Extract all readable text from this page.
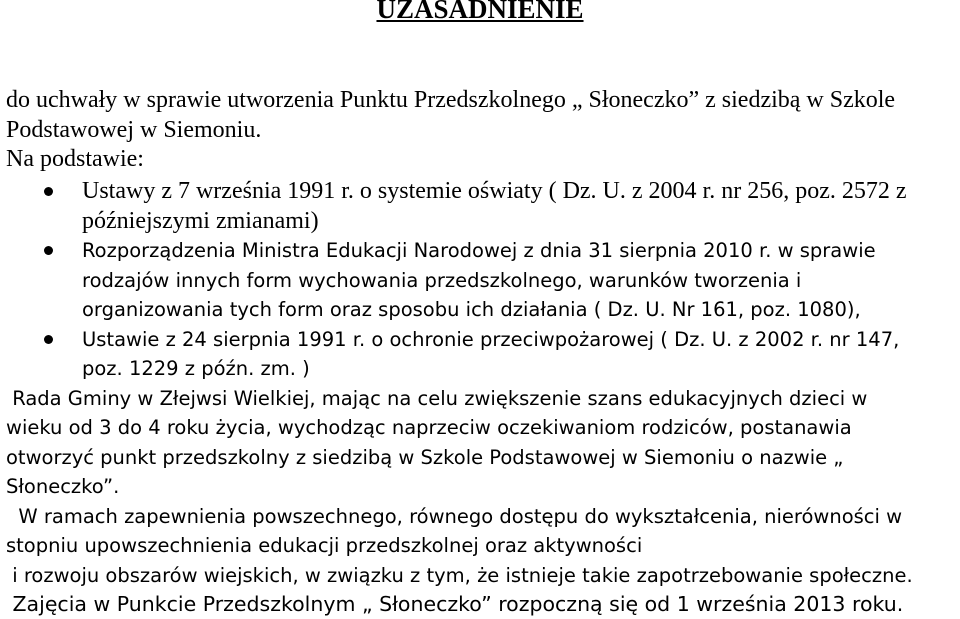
UZASADNIENIE
do uchwały w sprawie utworzenia Punktu Przedszkolnego „ Słoneczko” z siedzibą w Szkole
Podstawowej w Siemoniu.
Na podstawie:
Ustawy z 7 września 1991 r. o systemie oświaty ( Dz. U. z 2004 r. nr 256, poz. 2572 z
późniejszymi zmianami)
Rozporządzenia Ministra Edukacji Narodowej z dnia 31 sierpnia 2010 r. w sprawie
rodzajów innych form wychowania przedszkolnego, warunków tworzenia i
organizowania tych form oraz sposobu ich działania ( Dz. U. Nr 161, poz. 1080),
Ustawie z 24 sierpnia 1991 r. o ochronie przeciwpożarowej ( Dz. U. z 2002 r. nr 147,
poz. 1229 z późn. zm. )
Rada Gminy w Złejwsi Wielkiej, mając na celu zwiększenie szans edukacyjnych dzieci w
wieku od 3 do 4 roku życia, wychodząc naprzeciw oczekiwaniom rodziców, postanawia
otworzyć punkt przedszkolny z siedzibą w Szkole Podstawowej w Siemoniu o nazwie „
Słoneczko”.
W ramach zapewnienia powszechnego, równego dostępu do wykształcenia, nierówności w
stopniu upowszechnienia edukacji przedszkolnej oraz aktywności
i rozwoju obszarów wiejskich, w związku z tym, że istnieje takie zapotrzebowanie społeczne.
Zajęcia w Punkcie Przedszkolnym „ Słoneczko” rozpoczną się od 1 września 2013 roku.
